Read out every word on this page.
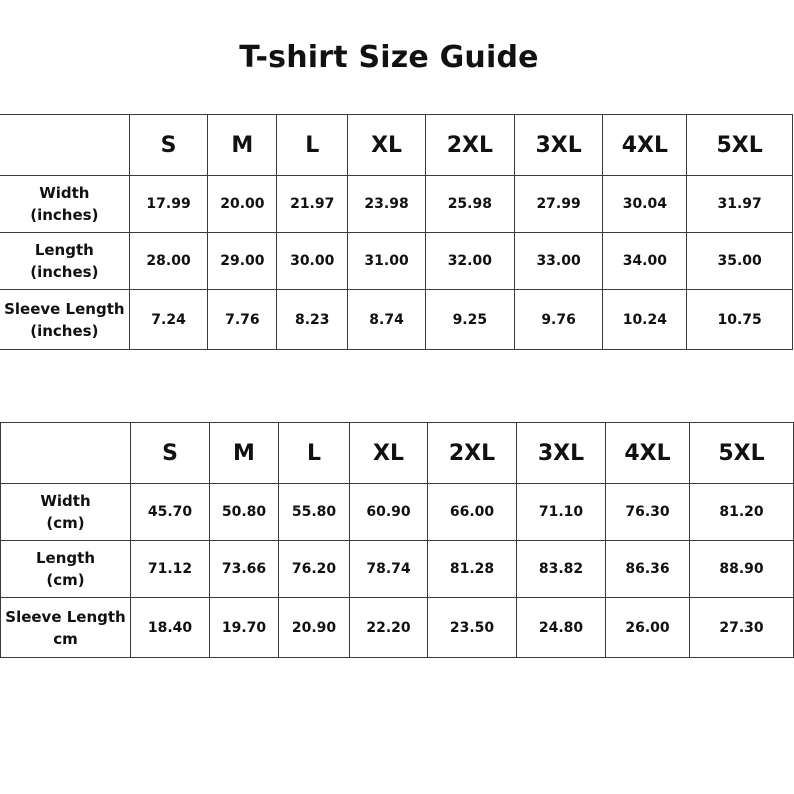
T-shirt Size Guide
	S	M	L	XL	2XL	3XL	4XL	5XL

Width
(inches)	17.99	20.00	21.97	23.98	25.98	27.99	30.04	31.97

Length
(inches)	28.00	29.00	30.00	31.00	32.00	33.00	34.00	35.00

Sleeve Length
(inches)	7.24	7.76	8.23	8.74	9.25	9.76	10.24	10.75
	S	M	L	XL	2XL	3XL	4XL	5XL

Width
(cm)	45.70	50.80	55.80	60.90	66.00	71.10	76.30	81.20

Length
(cm)	71.12	73.66	76.20	78.74	81.28	83.82	86.36	88.90

Sleeve Length
cm	18.40	19.70	20.90	22.20	23.50	24.80	26.00	27.30
